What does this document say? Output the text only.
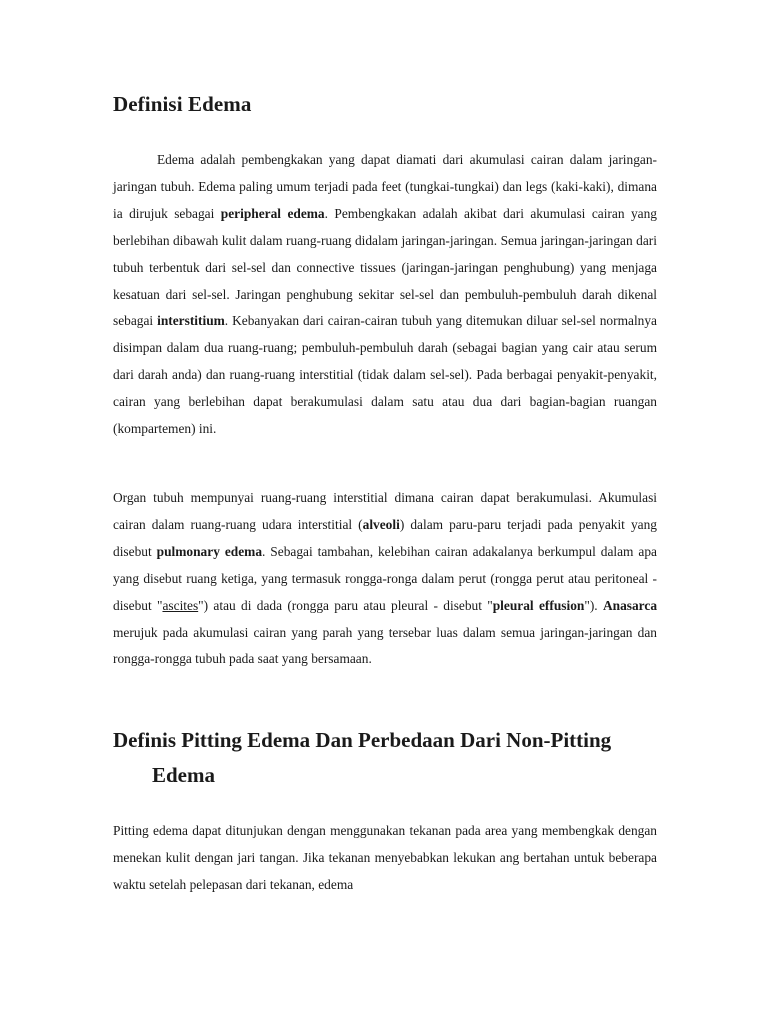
Definisi Edema

Edema adalah pembengkakan yang dapat diamati dari akumulasi cairan dalam jaringan-jaringan tubuh. Edema paling umum terjadi pada feet (tungkai-tungkai) dan legs (kaki-kaki), dimana ia dirujuk sebagai peripheral edema. Pembengkakan adalah akibat dari akumulasi cairan yang berlebihan dibawah kulit dalam ruang-ruang didalam jaringan-jaringan. Semua jaringan-jaringan dari tubuh terbentuk dari sel-sel dan connective tissues (jaringan-jaringan penghubung) yang menjaga kesatuan dari sel-sel. Jaringan penghubung sekitar sel-sel dan pembuluh-pembuluh darah dikenal sebagai interstitium. Kebanyakan dari cairan-cairan tubuh yang ditemukan diluar sel-sel normalnya disimpan dalam dua ruang-ruang; pembuluh-pembuluh darah (sebagai bagian yang cair atau serum dari darah anda) dan ruang-ruang interstitial (tidak dalam sel-sel). Pada berbagai penyakit-penyakit, cairan yang berlebihan dapat berakumulasi dalam satu atau dua dari bagian-bagian ruangan (kompartemen) ini.

Organ tubuh mempunyai ruang-ruang interstitial dimana cairan dapat berakumulasi. Akumulasi cairan dalam ruang-ruang udara interstitial (alveoli) dalam paru-paru terjadi pada penyakit yang disebut pulmonary edema. Sebagai tambahan, kelebihan cairan adakalanya berkumpul dalam apa yang disebut ruang ketiga, yang termasuk rongga-ronga dalam perut (rongga perut atau peritoneal - disebut "ascites") atau di dada (rongga paru atau pleural - disebut "pleural effusion"). Anasarca merujuk pada akumulasi cairan yang parah yang tersebar luas dalam semua jaringan-jaringan dan rongga-rongga tubuh pada saat yang bersamaan.

Definis Pitting Edema Dan Perbedaan Dari Non-Pitting
Edema

Pitting edema dapat ditunjukan dengan menggunakan tekanan pada area yang membengkak dengan menekan kulit dengan jari tangan. Jika tekanan menyebabkan lekukan ang bertahan untuk beberapa waktu setelah pelepasan dari tekanan, edema
